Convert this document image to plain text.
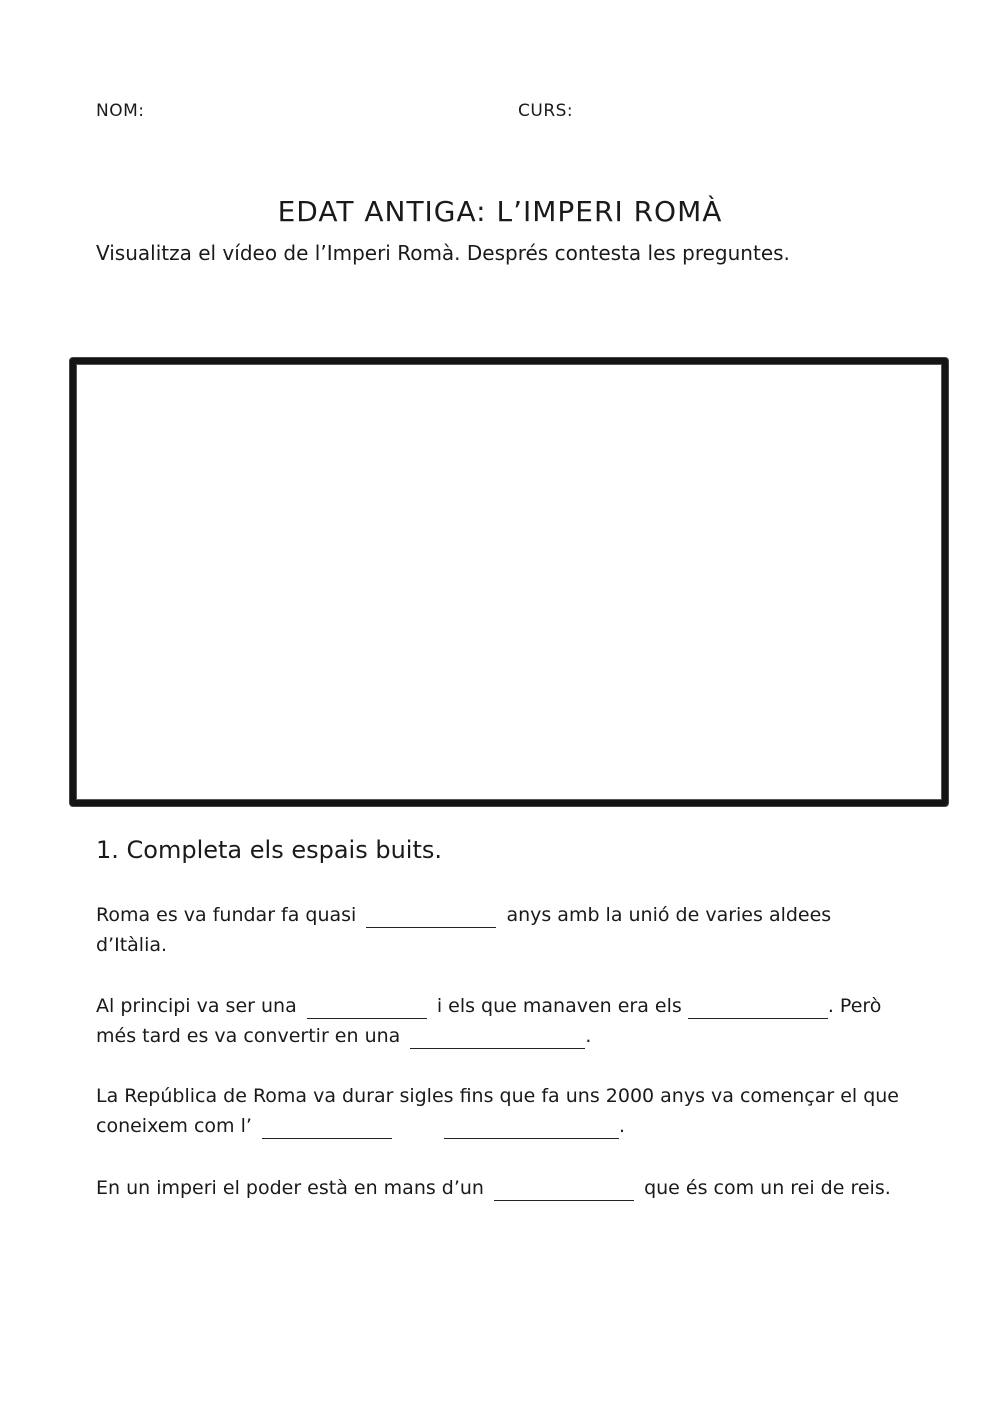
NOM:	CURS:
EDAT ANTIGA: L’IMPERI ROMÀ

Visualitza el vídeo de l’Imperi Romà. Després contesta les preguntes.

1. Completa els espais buits.

Roma es va fundar fa quasi	anys amb la unió de varies aldees d’Itàlia.

Al principi va ser una	i els que manaven era els	. Però més tard es va convertir en una	.

La República de Roma va durar sigles fins que fa uns 2000 anys va començar el que coneixem com l’	.

En un imperi el poder està en mans d’un	que és com un rei de reis.
